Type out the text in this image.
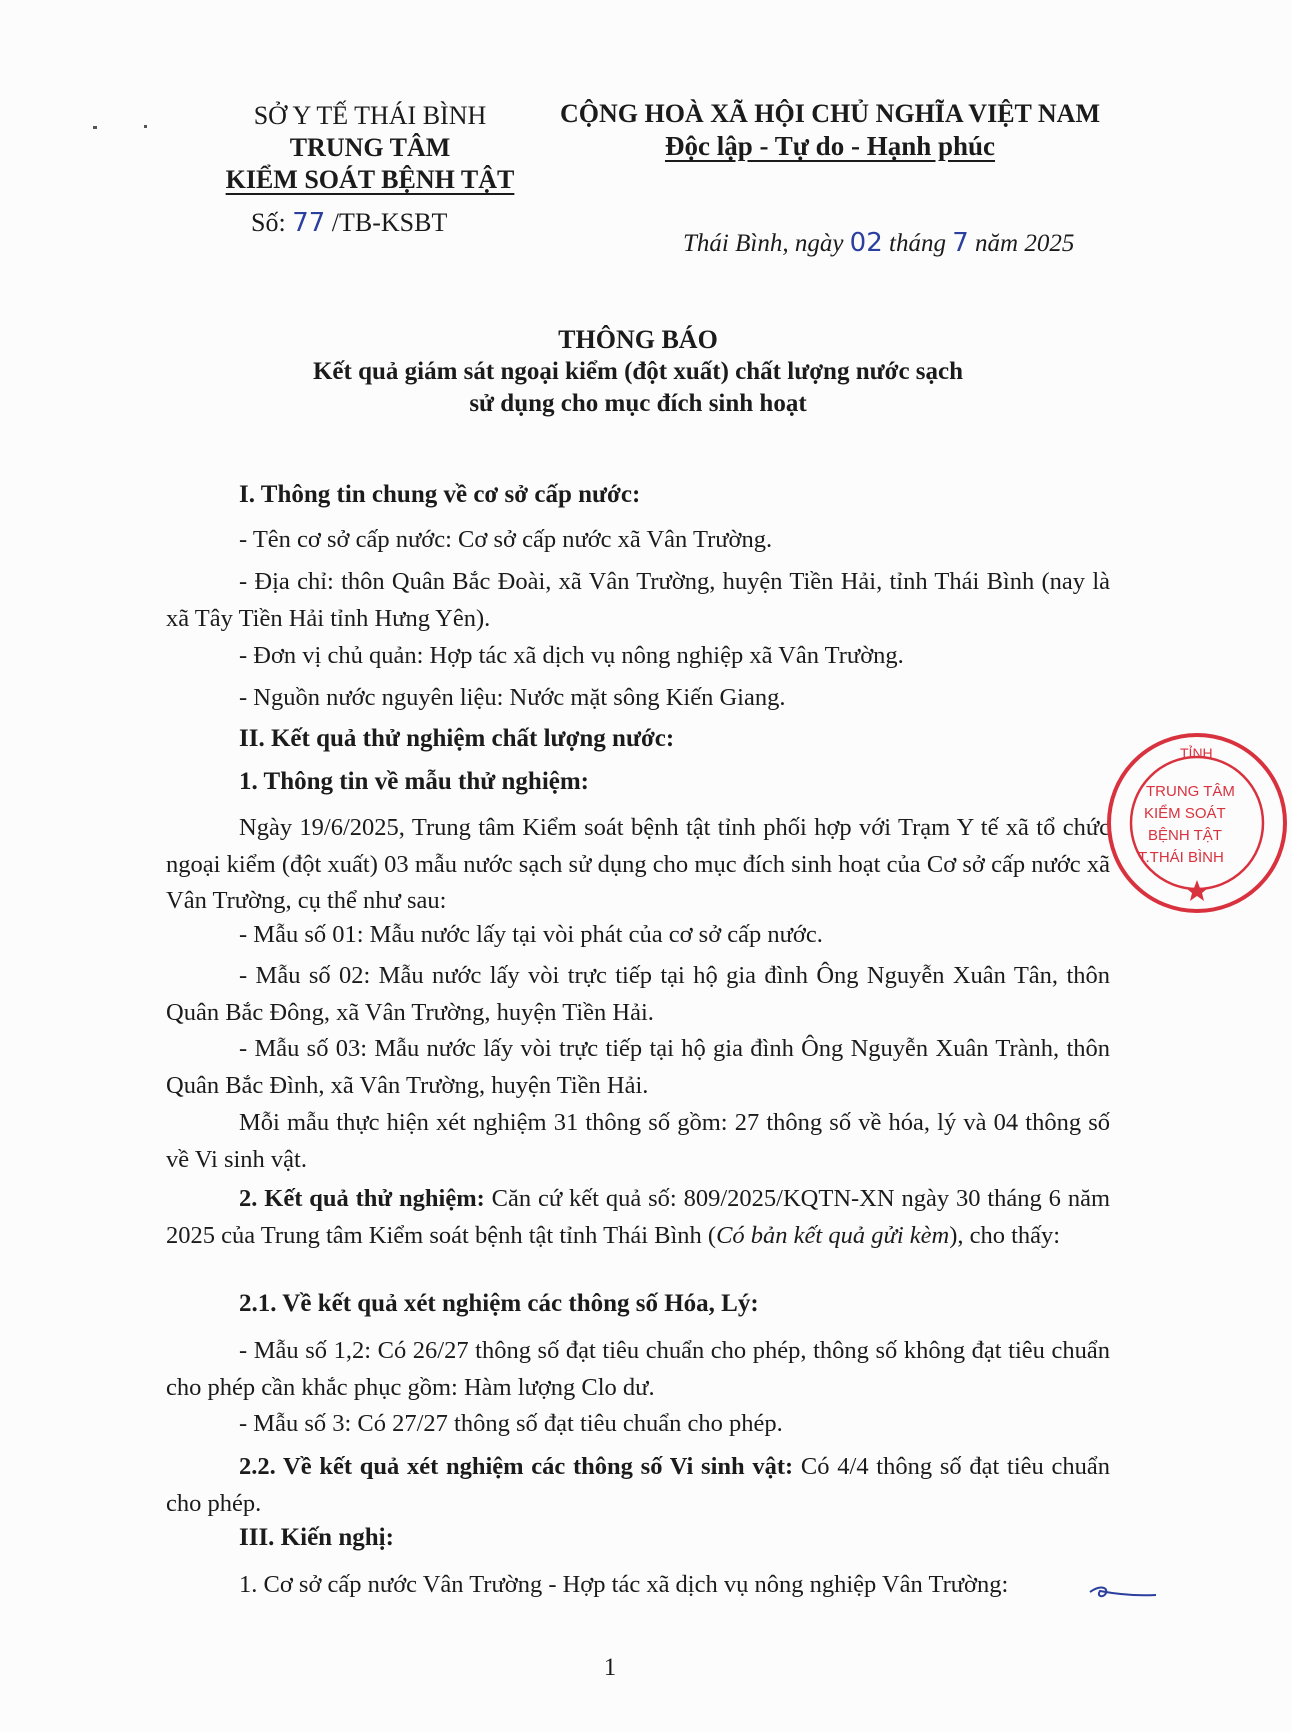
SỞ Y TẾ THÁI BÌNH
TRUNG TÂM
KIỂM SOÁT BỆNH TẬT
Số: 77 /TB-KSBT
CỘNG HOÀ XÃ HỘI CHỦ NGHĨA VIỆT NAM
Độc lập - Tự do - Hạnh phúc
Thái Bình, ngày 02 tháng 7 năm 2025
THÔNG BÁO
Kết quả giám sát ngoại kiểm (đột xuất) chất lượng nước sạch
sử dụng cho mục đích sinh hoạt
I. Thông tin chung về cơ sở cấp nước:
- Tên cơ sở cấp nước: Cơ sở cấp nước xã Vân Trường.
- Địa chỉ: thôn Quân Bắc Đoài, xã Vân Trường, huyện Tiền Hải, tỉnh Thái Bình (nay là xã Tây Tiền Hải tỉnh Hưng Yên).
- Đơn vị chủ quản: Hợp tác xã dịch vụ nông nghiệp xã Vân Trường.
- Nguồn nước nguyên liệu: Nước mặt sông Kiến Giang.
II. Kết quả thử nghiệm chất lượng nước:
1. Thông tin về mẫu thử nghiệm:
Ngày 19/6/2025, Trung tâm Kiểm soát bệnh tật tỉnh phối hợp với Trạm Y tế xã tổ chức ngoại kiểm (đột xuất) 03 mẫu nước sạch sử dụng cho mục đích sinh hoạt của Cơ sở cấp nước xã Vân Trường, cụ thể như sau:
- Mẫu số 01: Mẫu nước lấy tại vòi phát của cơ sở cấp nước.
- Mẫu số 02: Mẫu nước lấy vòi trực tiếp tại hộ gia đình Ông Nguyễn Xuân Tân, thôn Quân Bắc Đông, xã Vân Trường, huyện Tiền Hải.
- Mẫu số 03: Mẫu nước lấy vòi trực tiếp tại hộ gia đình Ông Nguyễn Xuân Trành, thôn Quân Bắc Đình, xã Vân Trường, huyện Tiền Hải.
Mỗi mẫu thực hiện xét nghiệm 31 thông số gồm: 27 thông số về hóa, lý và 04 thông số về Vi sinh vật.
2. Kết quả thử nghiệm: Căn cứ kết quả số: 809/2025/KQTN-XN ngày 30 tháng 6 năm 2025 của Trung tâm Kiểm soát bệnh tật tỉnh Thái Bình (Có bản kết quả gửi kèm), cho thấy:
2.1. Về kết quả xét nghiệm các thông số Hóa, Lý:
- Mẫu số 1,2: Có 26/27 thông số đạt tiêu chuẩn cho phép, thông số không đạt tiêu chuẩn cho phép cần khắc phục gồm: Hàm lượng Clo dư.
- Mẫu số 3: Có 27/27 thông số đạt tiêu chuẩn cho phép.
2.2. Về kết quả xét nghiệm các thông số Vi sinh vật: Có 4/4 thông số đạt tiêu chuẩn cho phép.
III. Kiến nghị:
1. Cơ sở cấp nước Vân Trường - Hợp tác xã dịch vụ nông nghiệp Vân Trường:
TỈNH
TRUNG TÂM
KIỂM SOÁT
BỆNH TẬT
T.THÁI BÌNH
1
